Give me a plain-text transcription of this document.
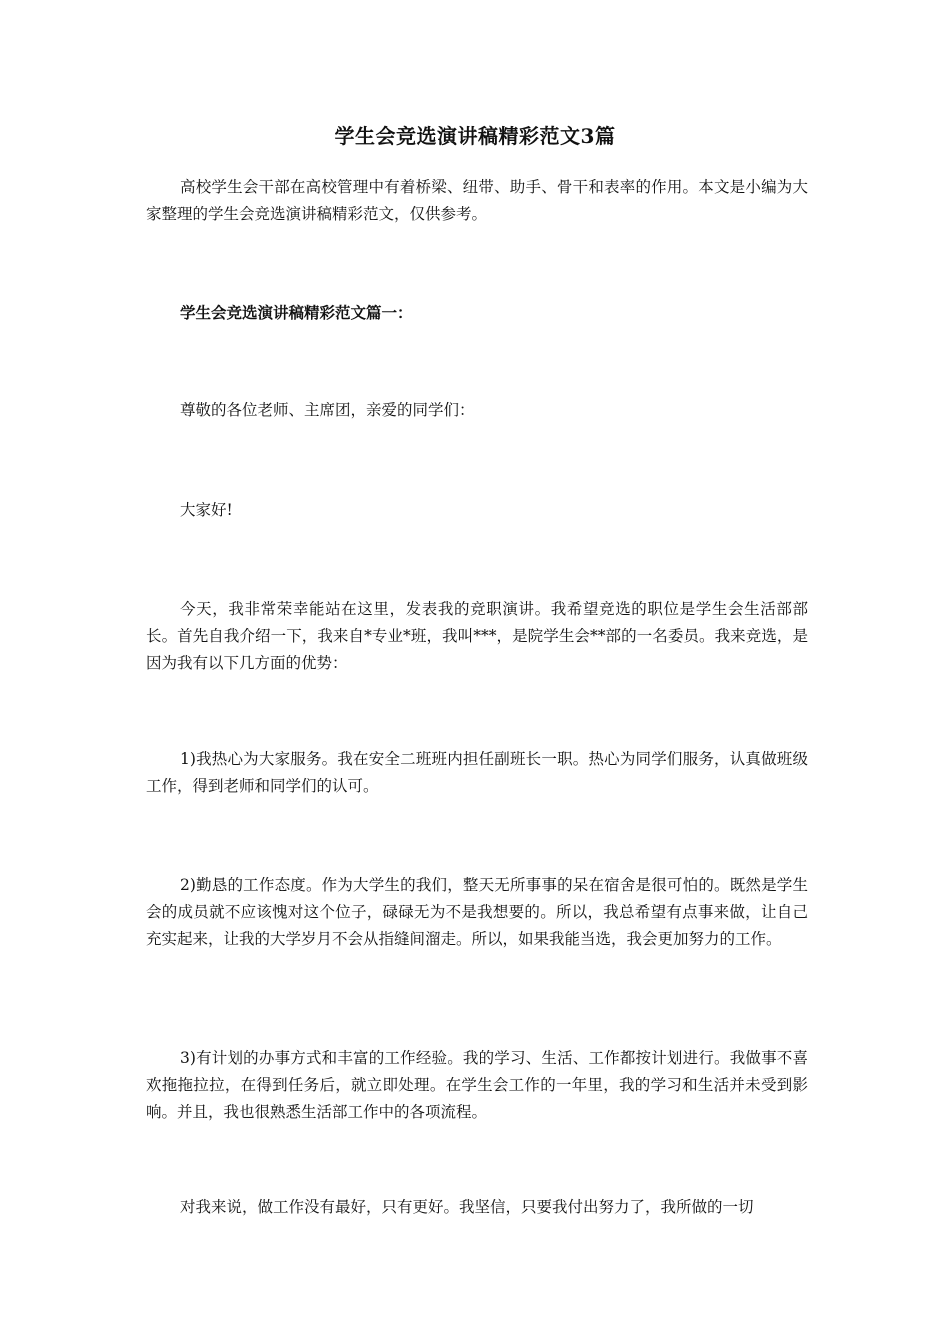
学生会竞选演讲稿精彩范文3篇

高校学生会干部在高校管理中有着桥梁、纽带、助手、骨干和表率的作用。本文是小编为大家整理的学生会竞选演讲稿精彩范文，仅供参考。

学生会竞选演讲稿精彩范文篇一：

尊敬的各位老师、主席团，亲爱的同学们：

大家好!

今天，我非常荣幸能站在这里，发表我的竞职演讲。我希望竞选的职位是学生会生活部部长。首先自我介绍一下，我来自*专业*班，我叫***，是院学生会**部的一名委员。我来竞选，是因为我有以下几方面的优势：

1)我热心为大家服务。我在安全二班班内担任副班长一职。热心为同学们服务，认真做班级工作，得到老师和同学们的认可。

2)勤恳的工作态度。作为大学生的我们，整天无所事事的呆在宿舍是很可怕的。既然是学生会的成员就不应该愧对这个位子，碌碌无为不是我想要的。所以，我总希望有点事来做，让自己充实起来，让我的大学岁月不会从指缝间溜走。所以，如果我能当选，我会更加努力的工作。

3)有计划的办事方式和丰富的工作经验。我的学习、生活、工作都按计划进行。我做事不喜欢拖拖拉拉，在得到任务后，就立即处理。在学生会工作的一年里，我的学习和生活并未受到影响。并且，我也很熟悉生活部工作中的各项流程。

对我来说，做工作没有最好，只有更好。我坚信，只要我付出努力了，我所做的一切
